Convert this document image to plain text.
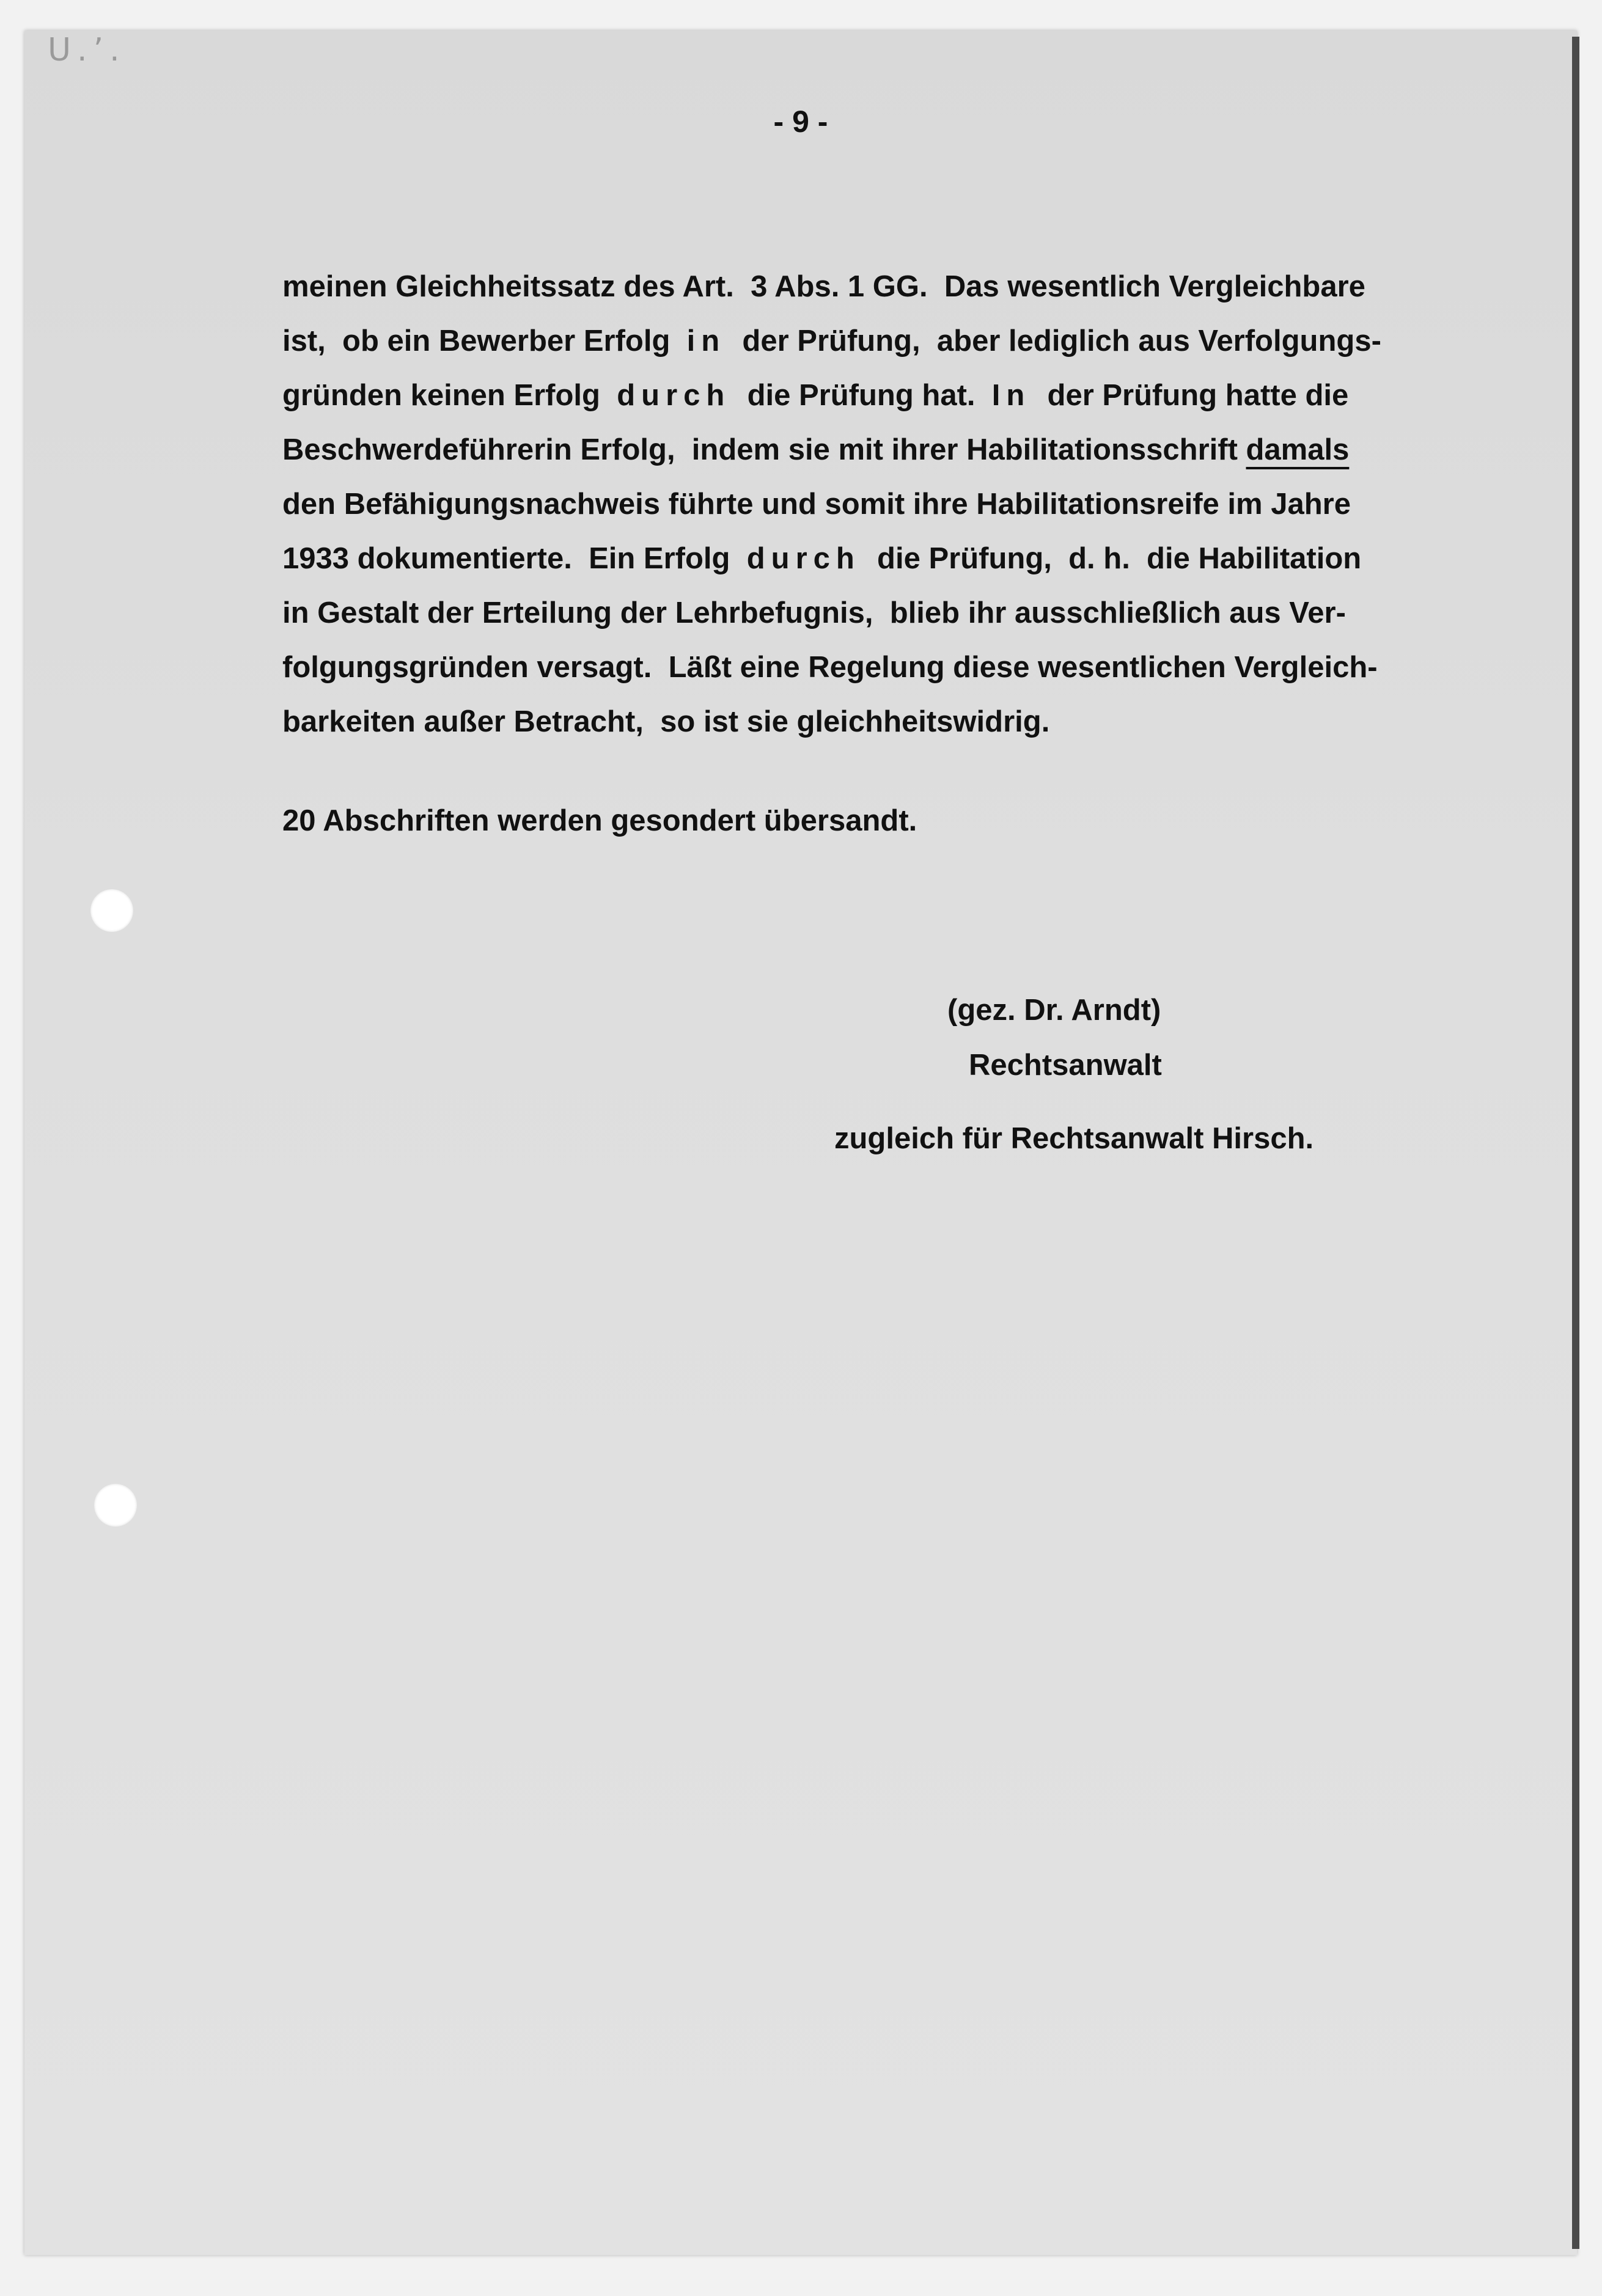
U.’.
- 9 -
meinen Gleichheitssatz des Art.  3 Abs. 1 GG.  Das wesentlich Vergleichbare
ist,  ob ein Bewerber Erfolg  in  der Prüfung,  aber lediglich aus Verfolgungs-
gründen keinen Erfolg  durch  die Prüfung hat.  In  der Prüfung hatte die
Beschwerdeführerin Erfolg,  indem sie mit ihrer Habilitationsschrift damals
den Befähigungsnachweis führte und somit ihre Habilitationsreife im Jahre
1933 dokumentierte.  Ein Erfolg  durch  die Prüfung,  d. h.  die Habilitation
in Gestalt der Erteilung der Lehrbefugnis,  blieb ihr ausschließlich aus Ver-
folgungsgründen versagt.  Läßt eine Regelung diese wesentlichen Vergleich-
barkeiten außer Betracht,  so ist sie gleichheitswidrig.
20 Abschriften werden gesondert übersandt.
(gez. Dr. Arndt)
Rechtsanwalt
zugleich für Rechtsanwalt Hirsch.
